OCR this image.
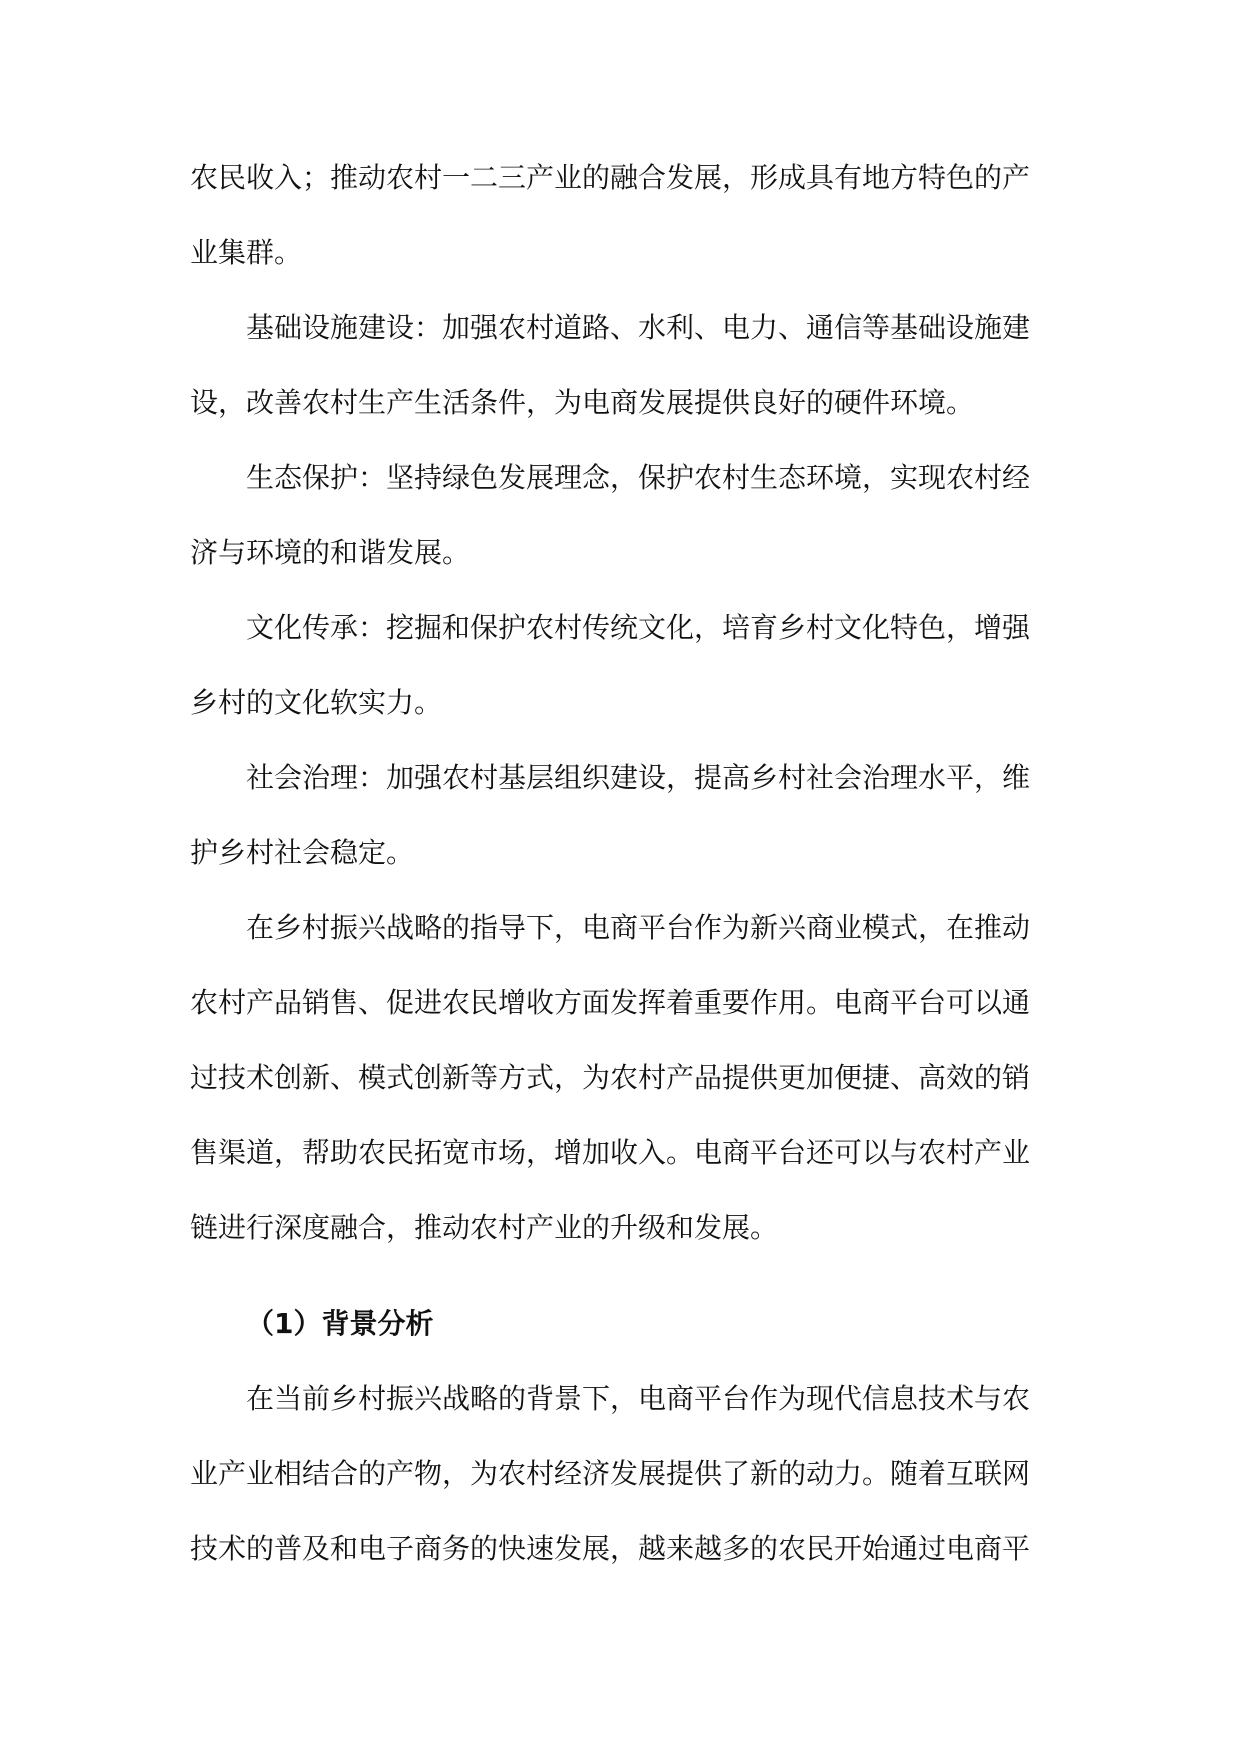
农民收入；推动农村一二三产业的融合发展，形成具有地方特色的产
业集群。
基础设施建设：加强农村道路、水利、电力、通信等基础设施建
设，改善农村生产生活条件，为电商发展提供良好的硬件环境。
生态保护：坚持绿色发展理念，保护农村生态环境，实现农村经
济与环境的和谐发展。
文化传承：挖掘和保护农村传统文化，培育乡村文化特色，增强
乡村的文化软实力。
社会治理：加强农村基层组织建设，提高乡村社会治理水平，维
护乡村社会稳定。
在乡村振兴战略的指导下，电商平台作为新兴商业模式，在推动
农村产品销售、促进农民增收方面发挥着重要作用。电商平台可以通
过技术创新、模式创新等方式，为农村产品提供更加便捷、高效的销
售渠道，帮助农民拓宽市场，增加收入。电商平台还可以与农村产业
链进行深度融合，推动农村产业的升级和发展。
（1）背景分析
在当前乡村振兴战略的背景下，电商平台作为现代信息技术与农
业产业相结合的产物，为农村经济发展提供了新的动力。随着互联网
技术的普及和电子商务的快速发展，越来越多的农民开始通过电商平
